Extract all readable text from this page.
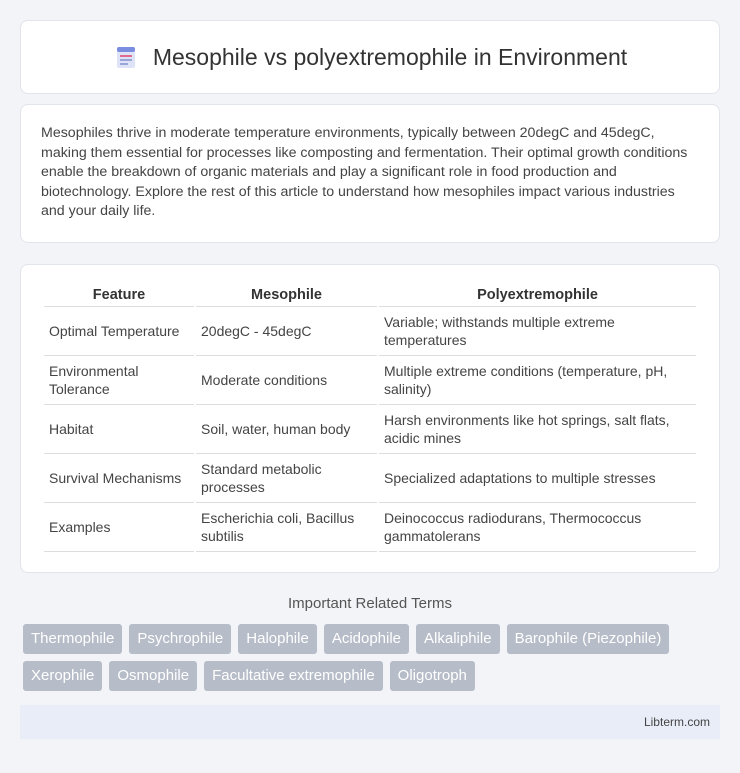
Mesophile vs polyextremophile in Environment

Mesophiles thrive in moderate temperature environments, typically between 20degC and 45degC, making them essential for processes like composting and fermentation. Their optimal growth conditions enable the breakdown of organic materials and play a significant role in food production and biotechnology. Explore the rest of this article to understand how mesophiles impact various industries and your daily life.

Feature	Mesophile	Polyextremophile
Optimal Temperature	20degC - 45degC	Variable; withstands multiple extreme temperatures
Environmental Tolerance	Moderate conditions	Multiple extreme conditions (temperature, pH, salinity)
Habitat	Soil, water, human body	Harsh environments like hot springs, salt flats, acidic mines
Survival Mechanisms	Standard metabolic processes	Specialized adaptations to multiple stresses
Examples	Escherichia coli, Bacillus subtilis	Deinococcus radiodurans, Thermococcus gammatolerans
Important Related Terms
Thermophile	Psychrophile	Halophile	Acidophile	Alkaliphile	Barophile (Piezophile)
Xerophile	Osmophile	Facultative extremophile	Oligotroph
Libterm.com
